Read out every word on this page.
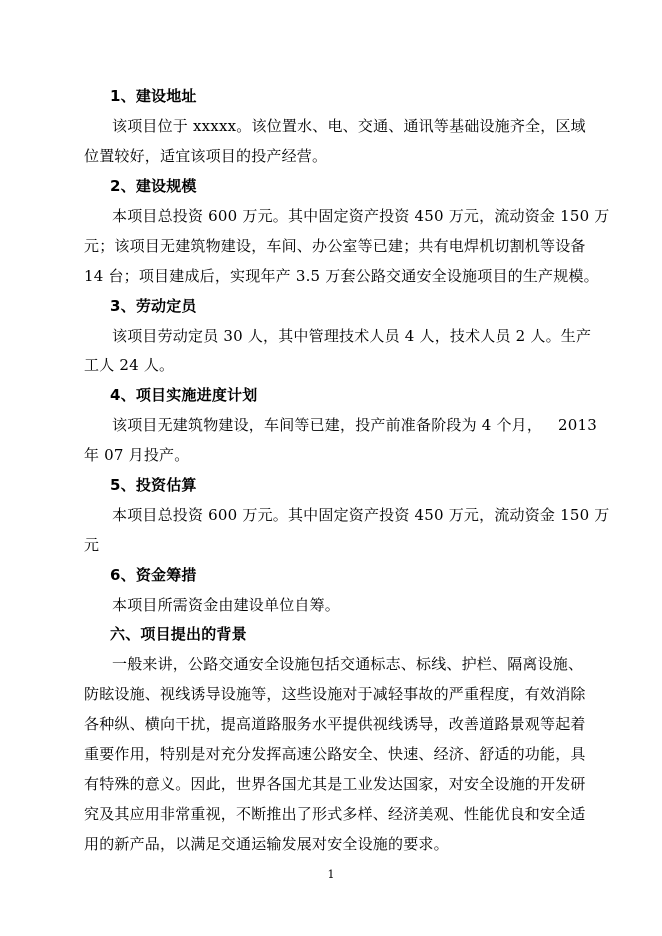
1、建设地址
该项目位于 xxxxx。该位置水、电、交通、通讯等基础设施齐全，区域
位置较好，适宜该项目的投产经营。
2、建设规模
本项目总投资 600 万元。其中固定资产投资 450 万元，流动资金 150 万
元；该项目无建筑物建设，车间、办公室等已建；共有电焊机切割机等设备
14 台；项目建成后，实现年产 3.5 万套公路交通安全设施项目的生产规模。
3、劳动定员
该项目劳动定员 30 人，其中管理技术人员 4 人，技术人员 2 人。生产
工人 24 人。
4、项目实施进度计划
该项目无建筑物建设，车间等已建，投产前准备阶段为 4 个月， 2013
年 07 月投产。
5、投资估算
本项目总投资 600 万元。其中固定资产投资 450 万元，流动资金 150 万
元
6、资金筹措
本项目所需资金由建设单位自筹。
六、项目提出的背景
一般来讲，公路交通安全设施包括交通标志、标线、护栏、隔离设施、
防眩设施、视线诱导设施等，这些设施对于减轻事故的严重程度，有效消除
各种纵、横向干扰，提高道路服务水平提供视线诱导，改善道路景观等起着
重要作用，特别是对充分发挥高速公路安全、快速、经济、舒适的功能，具
有特殊的意义。因此，世界各国尤其是工业发达国家，对安全设施的开发研
究及其应用非常重视，不断推出了形式多样、经济美观、性能优良和安全适
用的新产品，以满足交通运输发展对安全设施的要求。
1
